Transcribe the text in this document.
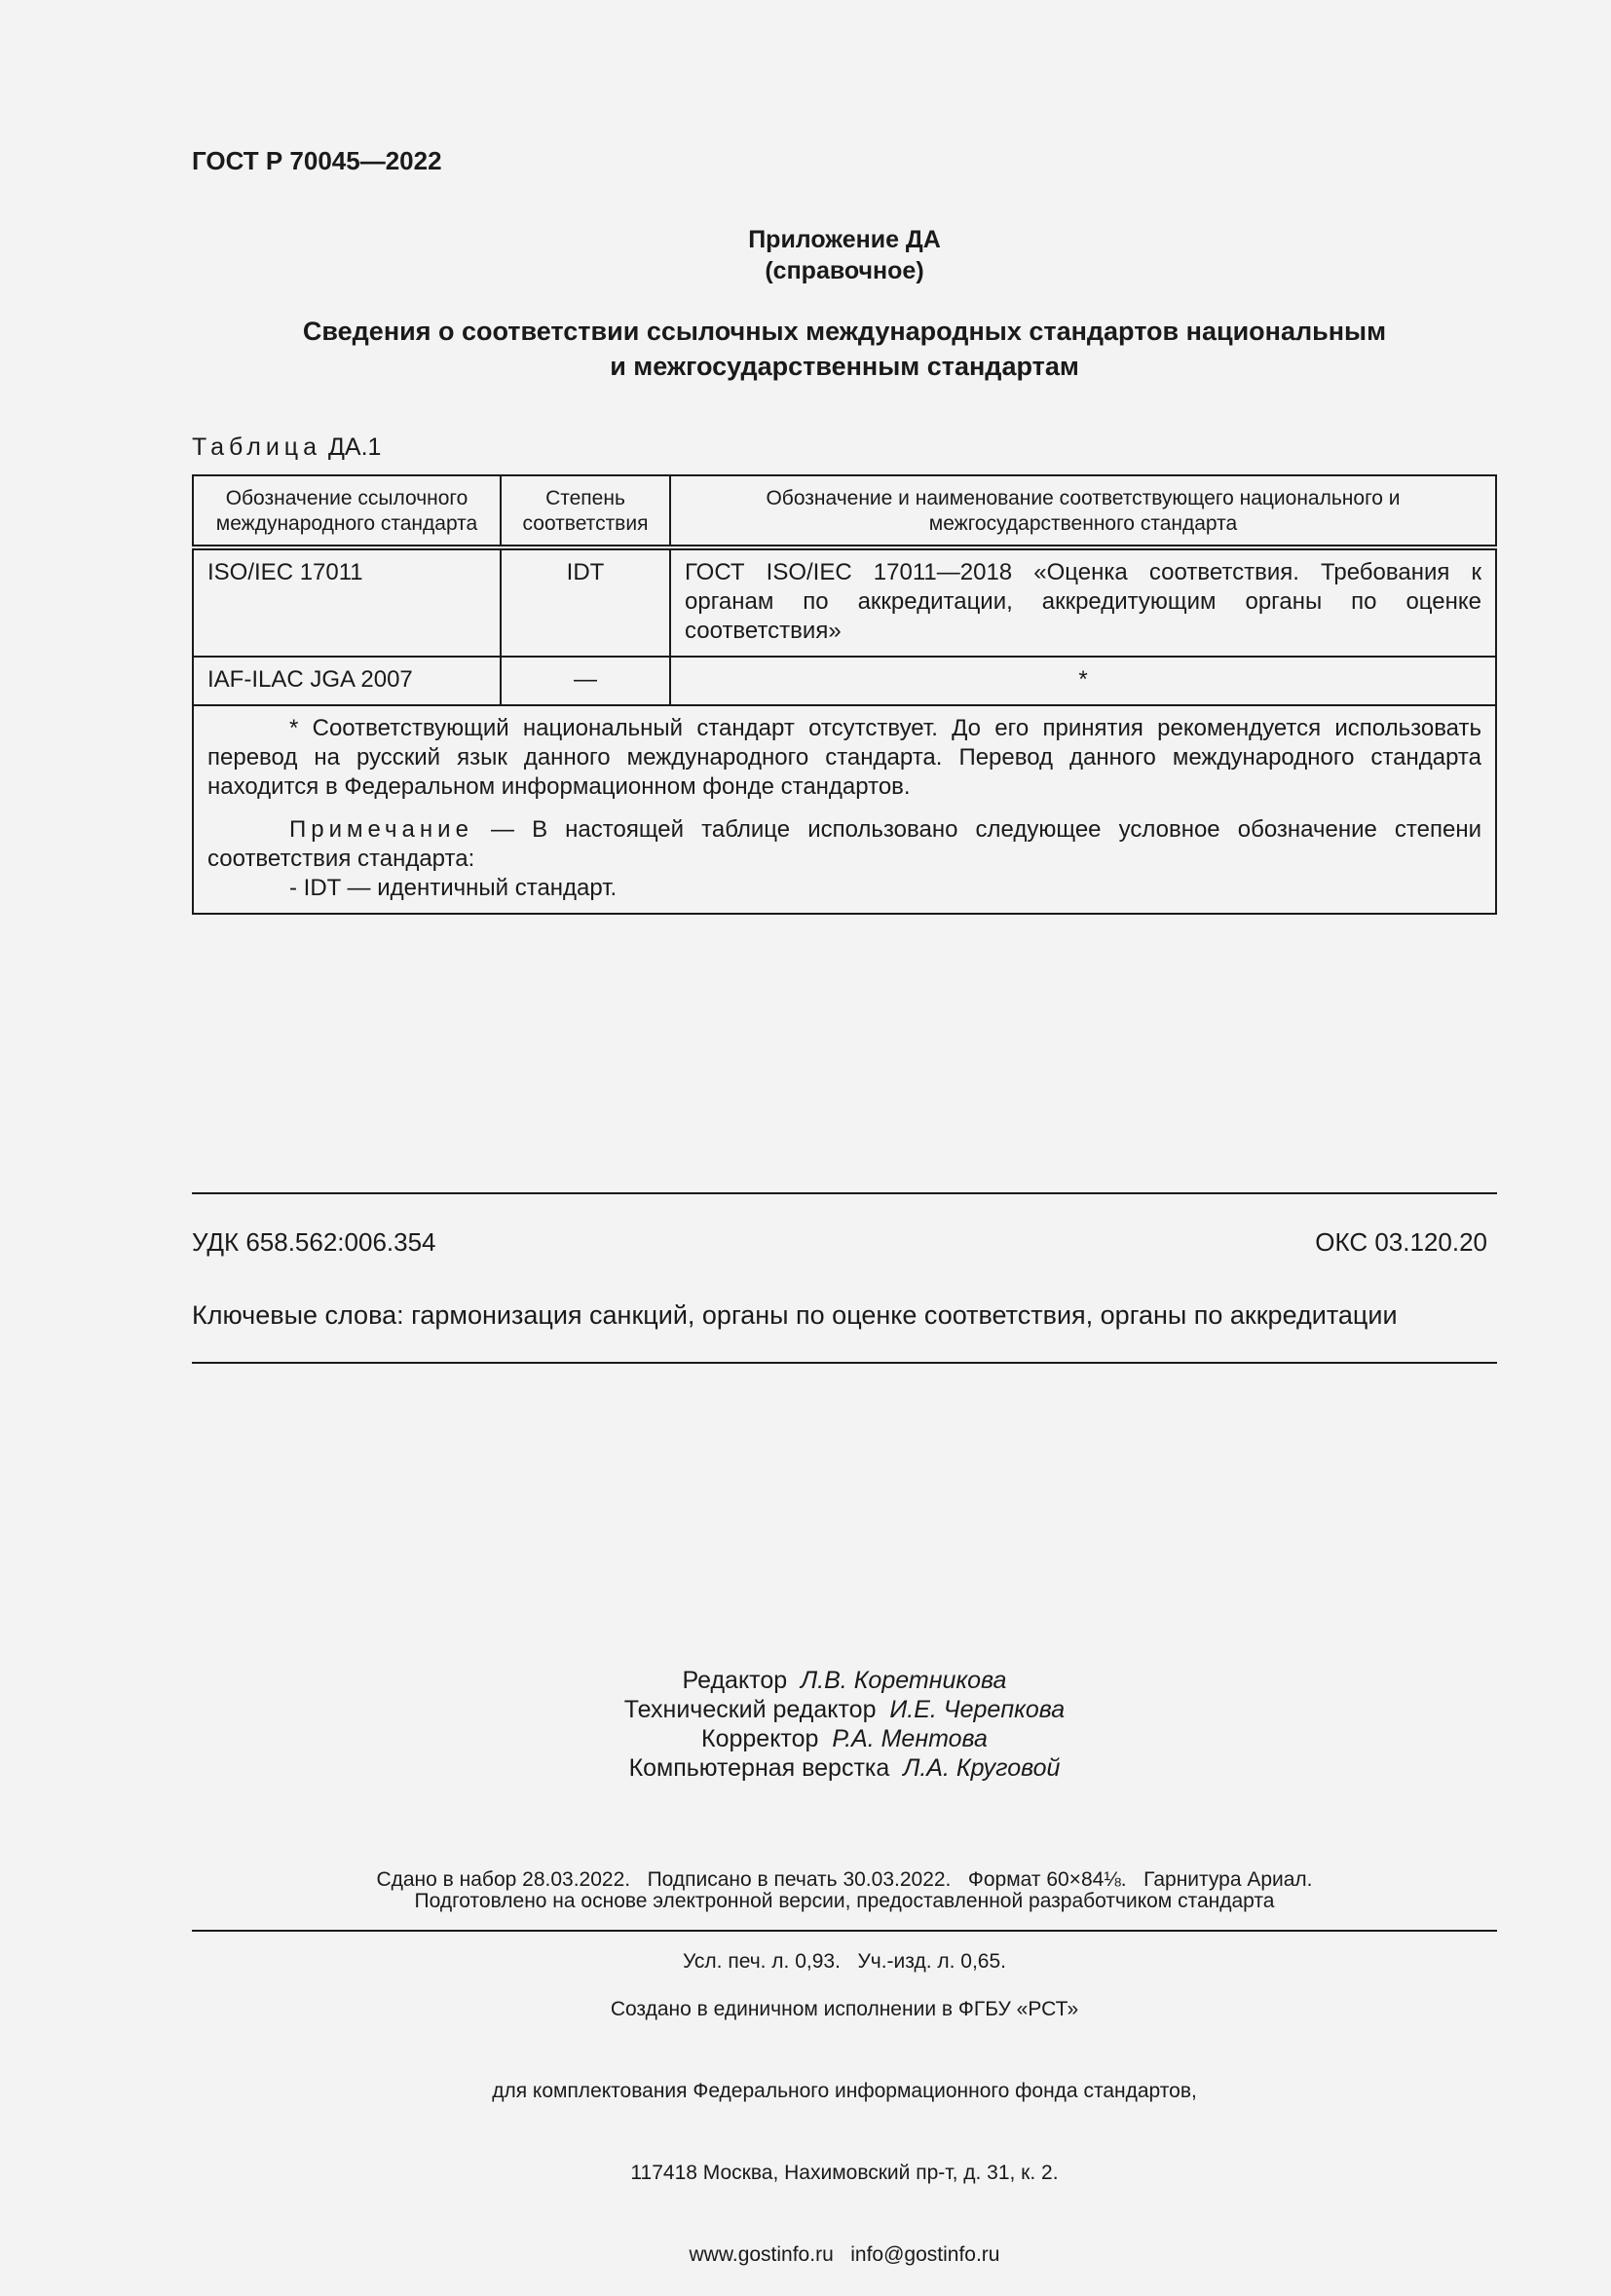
ГОСТ Р 70045—2022
Приложение ДА
(справочное)
Сведения о соответствии ссылочных международных стандартов национальным
и межгосударственным стандартам
Таблица ДА.1
Обозначение ссылочного международного стандарта	Степень соответствия	Обозначение и наименование соответствующего национального и межгосударственного стандарта
ISO/IEC 17011	IDT	ГОСТ ISO/IEC 17011—2018 «Оценка соответствия. Требования к органам по аккредитации, аккредитующим органы по оценке соответствия»
IAF-ILAC JGA 2007	—	*

* Соответствующий национальный стандарт отсутствует. До его принятия рекомендуется использовать перевод на русский язык данного международного стандарта. Перевод данного международного стандарта находится в Федеральном информационном фонде стандартов.

Примечание — В настоящей таблице использовано следующее условное обозначение степени соответствия стандарта:

- IDT — идентичный стандарт.		

УДК 658.562:006.354	ОКС 03.120.20
Ключевые слова: гармонизация санкций, органы по оценке соответствия, органы по аккредитации
Редактор Л.В. Коретникова
Технический редактор И.Е. Черепкова
Корректор Р.А. Ментова
Компьютерная верстка Л.А. Круговой

Сдано в набор 28.03.2022.   Подписано в печать 30.03.2022.   Формат 60×84⅛.   Гарнитура Ариал.

Усл. печ. л. 0,93.   Уч.-изд. л. 0,65.

Подготовлено на основе электронной версии, предоставленной разработчиком стандарта

Создано в единичном исполнении в ФГБУ «РСТ»

для комплектования Федерального информационного фонда стандартов,

117418 Москва, Нахимовский пр-т, д. 31, к. 2.

www.gostinfo.ru   info@gostinfo.ru
